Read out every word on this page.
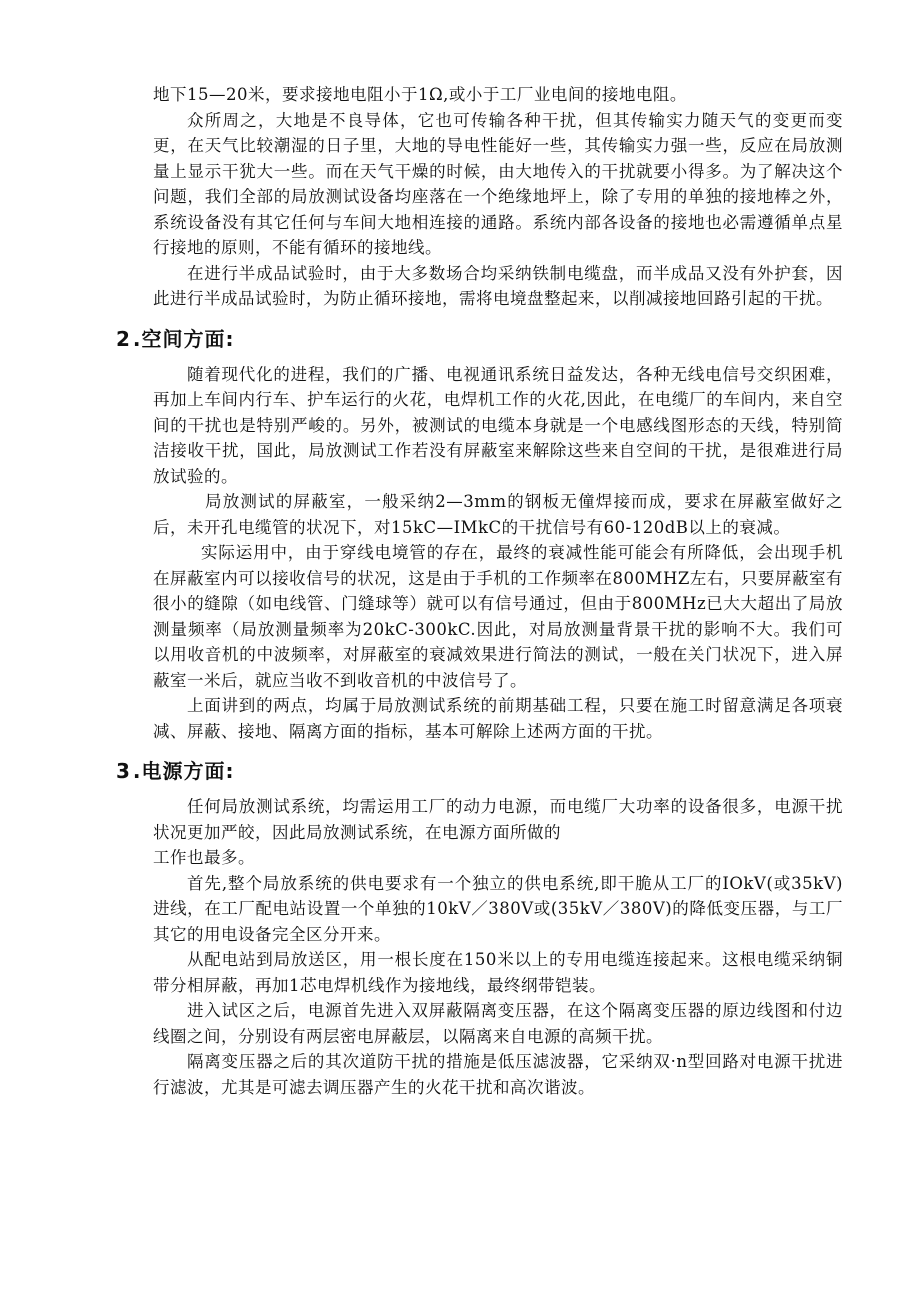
地下15—20米，要求接地电阻小于1Ω,或小于工厂业电间的接地电阻。

众所周之，大地是不良导体，它也可传输各种干扰，但其传输实力随天气的变更而变更，在天气比较潮湿的日子里，大地的导电性能好一些，其传输实力强一些，反应在局放测量上显示干犹大一些。而在天气干燥的时候，由大地传入的干扰就要小得多。为了解决这个问题，我们全部的局放测试设备均座落在一个绝缘地坪上，除了专用的单独的接地棒之外，系统设备没有其它任何与车间大地相连接的通路。系统内部各设备的接地也必需遵循单点星行接地的原则，不能有循环的接地线。

在进行半成品试验时，由于大多数场合均采纳铁制电缆盘，而半成品又没有外护套，因此进行半成品试验时，为防止循环接地，需将电境盘整起来，以削减接地回路引起的干扰。

2 .空间方面:

随着现代化的进程，我们的广播、电视通讯系统日益发达，各种无线电信号交织困难，再加上车间内行车、护车运行的火花，电焊机工作的火花,因此，在电缆厂的车间内，来自空间的干扰也是特别严峻的。另外，被测试的电缆本身就是一个电感线图形态的天线，特别简洁接收干扰，国此，局放测试工作若没有屏蔽室来解除这些来自空间的干扰，是很难进行局放试验的。

局放测试的屏蔽室，一般采纳2—3mm的钢板无僮焊接而成，要求在屏蔽室做好之后，未开孔电缆管的状况下，对15kC—IMkC的干扰信号有60-120dB以上的衰减。

实际运用中，由于穿线电境管的存在，最终的衰减性能可能会有所降低，会出现手机在屏蔽室内可以接收信号的状况，这是由于手机的工作频率在800MHZ左右，只要屏蔽室有很小的缝隙（如电线管、门缝球等）就可以有信号通过，但由于800MHz已大大超出了局放测量频率（局放测量频率为20kC-300kC.因此，对局放测量背景干扰的影响不大。我们可以用收音机的中波频率，对屏蔽室的衰减效果进行简法的测试，一般在关门状况下，进入屏蔽室一米后，就应当收不到收音机的中波信号了。

上面讲到的两点，均属于局放测试系统的前期基础工程，只要在施工时留意满足各项衰减、屏蔽、接地、隔离方面的指标，基本可解除上述两方面的干扰。

3 .电源方面:

任何局放测试系统，均需运用工厂的动力电源，而电缆厂大功率的设备很多，电源干扰状况更加严皎，因此局放测试系统，在电源方面所做的

工作也最多。

首先,整个局放系统的供电要求有一个独立的供电系统,即干脆从工厂的IOkV(或35kV)进线，在工厂配电站设置一个单独的10kV／380V或(35kV／380V)的降低变压器，与工厂其它的用电设备完全区分开来。

从配电站到局放送区，用一根长度在150米以上的专用电缆连接起来。这根电缆采纳铜带分相屏蔽，再加1芯电焊机线作为接地线，最终纲带铠装。

进入试区之后，电源首先进入双屏蔽隔离变压器，在这个隔离变压器的原边线图和付边线圈之间，分别设有两层密电屏蔽层，以隔离来自电源的高频干扰。

隔离变压器之后的其次道防干扰的措施是低压滤波器，它采纳双·n型回路对电源干扰进行滤波，尤其是可滤去调压器产生的火花干扰和高次谐波。
